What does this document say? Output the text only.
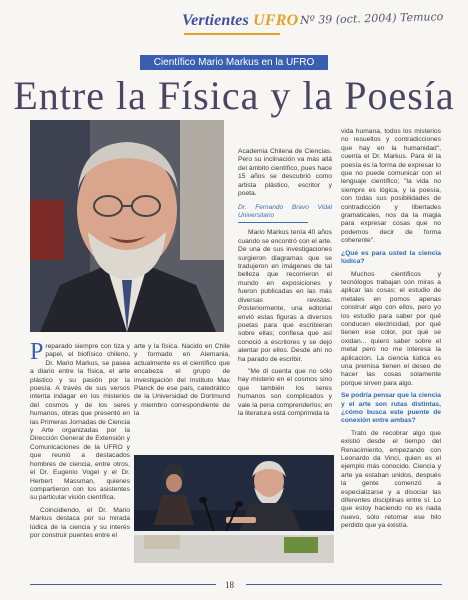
Vertientes UFRO Nº 39 (oct. 2004) Temuco
Científico Mario Markus en la UFRO
Entre la Física y la Poesía

Preparado siempre con tiza y papel, el biofísico chileno, Dr. Mario Markus, se pasea a diario entre la física, el arte plástico y su pasión por la poesía. A través de sus versos intenta indagar en los misterios del cosmos y de los seres humanos, obras que presentó en las Primeras Jornadas de Ciencia y Arte organizadas por la Dirección General de Extensión y Comunicaciones de la UFRO y que reunió a destacados hombres de ciencia, entre otros, el Dr. Eugenio Vogel y el Dr. Herbert Massman, quienes compartieron con los asistentes su particular visión científica.

Coincidiendo, el Dr. Mario Markus destaca por su mirada lúdica de la ciencia y su interés por construir puentes entre el

arte y la física. Nacido en Chile y formado en Alemania, actualmente es el científico que encabeza el grupo de investigación del Instituto Max Planck de ese país, catedrático de la Universidad de Dortmund y miembro correspondiente de la

Academia Chilena de Ciencias. Pero su inclinación va más allá del ámbito científico, pues hace 15 años se descubrió como artista plástico, escritor y poeta.

Dr. Fernando Bravo Vidal Universitario

Mario Markus tenía 40 años cuando se encontró con el arte. De una de sus investigaciones surgieron diagramas que se tradujeron en imágenes de tal belleza que recorrieron el mundo en exposiciones y fueron publicadas en las más diversas revistas. Posteriormente, una editorial envió estas figuras a diversos poetas para que escribieran sobre ellas; confiesa que así conoció a escritores y se dejó alentar por ellos. Desde ahí no ha parado de escribir.

"Me di cuenta que no sólo hay misterio en el cosmos sino que también los seres humanos son complicados y vale la pena comprenderlos; en la literatura está comprimida la

vida humana, todos los misterios no resueltos y contradicciones que hay en la humanidad", cuenta el Dr. Markus. Para él la poesía es la forma de expresar lo que no puede comunicar con el lenguaje científico; "la vida no siempre es lógica, y la poesía, con todas sus posibilidades de contradicción y libertades gramaticales, nos da la magia para expresar cosas que no podemos decir de forma coherente".

¿Qué es para usted la ciencia lúdica?

Muchos científicos y tecnólogos trabajan con miras a aplicar las cosas; el estudio de metales en pomos apenas construir algo con ellos, pero yo los estudio para saber por qué conducen electricidad, por qué tienen ese color, por qué se oxidan... quiero saber sobre el metal pero no me interesa la aplicación. La ciencia lúdica es una premisa tienen el deseo de hacer las cosas solamente porque sirven para algo.

Se podría pensar que la ciencia y el arte son rutas distintas, ¿cómo busca este puente de conexión entre ambas?

Trato de recobrar algo que existió desde el tiempo del Renacimiento, empezando con Leonardo da Vinci, quien es el ejemplo más conocido. Ciencia y arte ya estaban unidos, después la gente comenzó a especializarse y a disociar las diferentes disciplinas entre sí. Lo que estoy haciendo no es nada nuevo, sólo retomar ese hilo perdido que ya existía.

18
